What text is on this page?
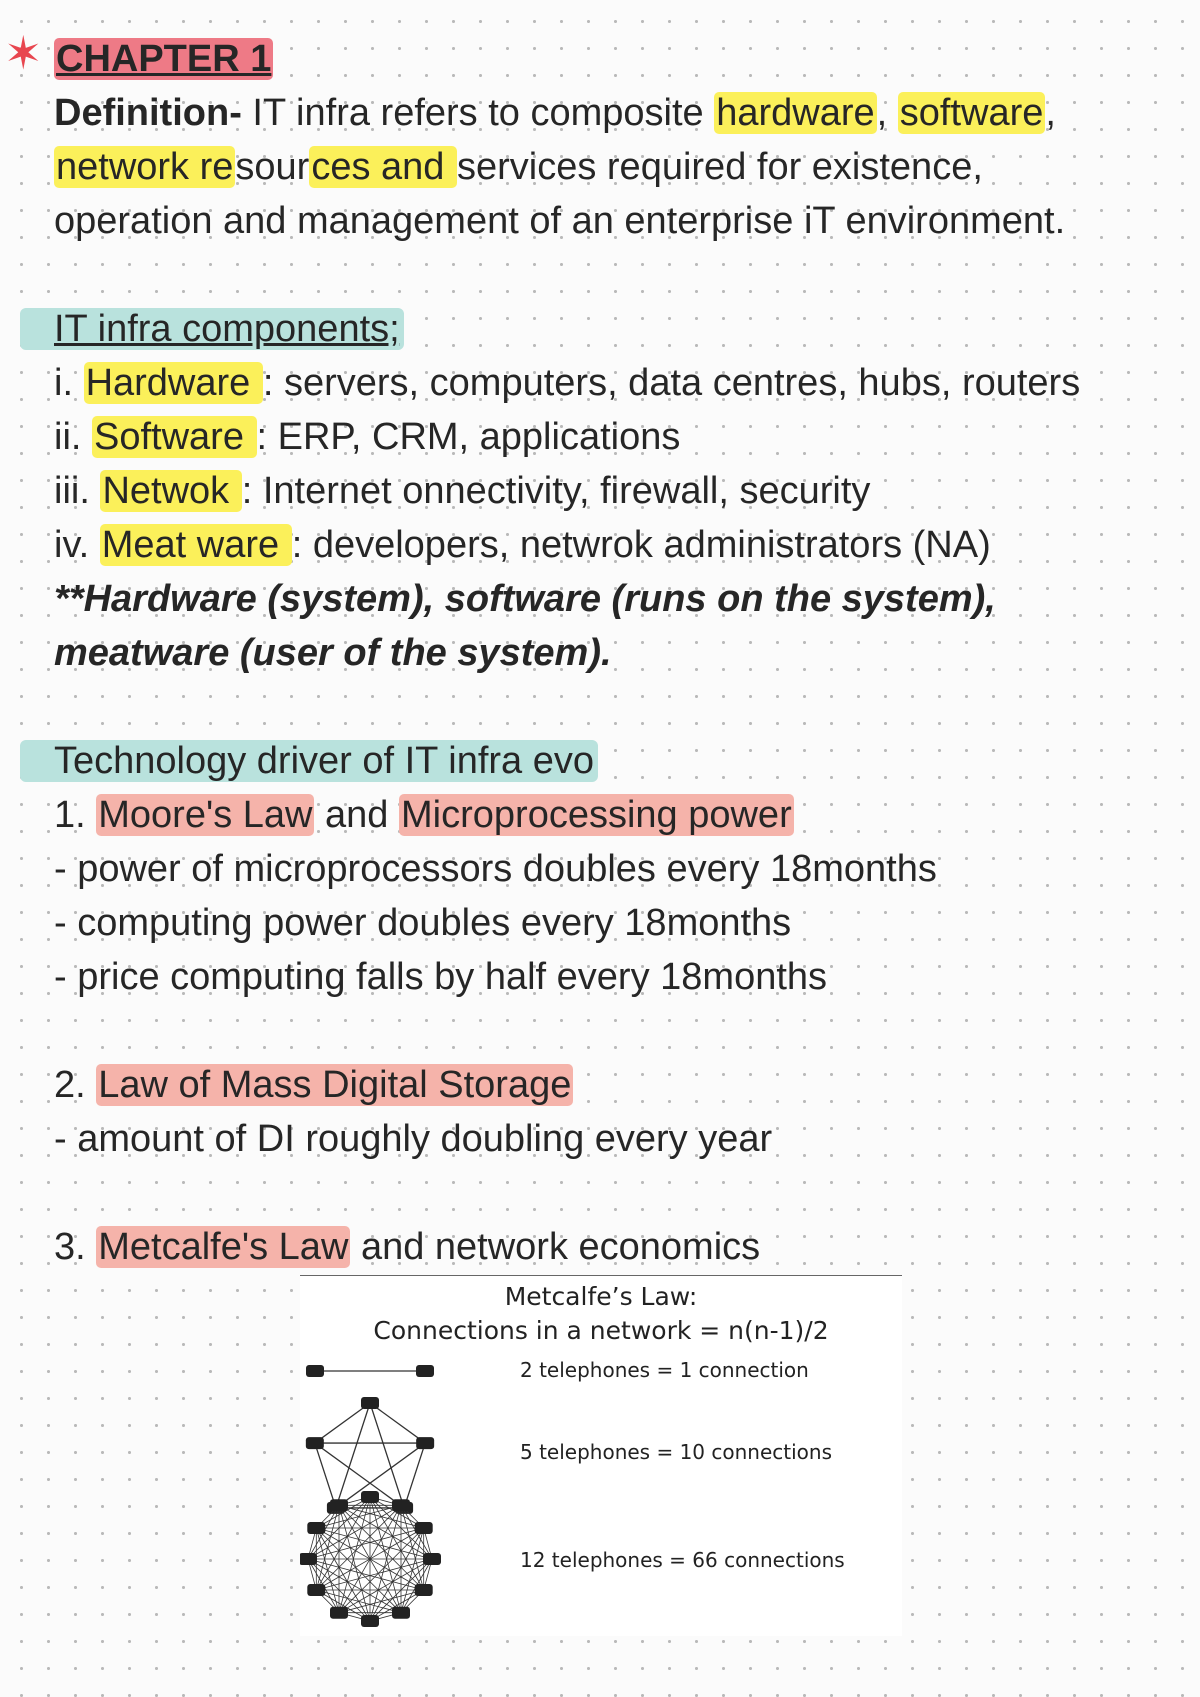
✶ CHAPTER 1
Definition- IT infra refers to composite hardware, software,
network resources and services required for existence,
operation and management of an enterprise iT environment.
IT infra components;
i. Hardware : servers, computers, data centres, hubs, routers
ii. Software : ERP, CRM, applications
iii. Netwok : Internet onnectivity, firewall, security
iv. Meat ware : developers, netwrok administrators (NA)
**Hardware (system), software (runs on the system),
meatware (user of the system).
Technology driver of IT infra evo
1. Moore's Law and Microprocessing power
- power of microprocessors doubles every 18months
- computing power doubles every 18months
- price computing falls by half every 18months
2. Law of Mass Digital Storage
- amount of DI roughly doubling every year
3. Metcalfe's Law and network economics
Metcalfe’s Law:
Connections in a network = n(n-1)/2
2 telephones = 1 connection
5 telephones = 10 connections
12 telephones = 66 connections
